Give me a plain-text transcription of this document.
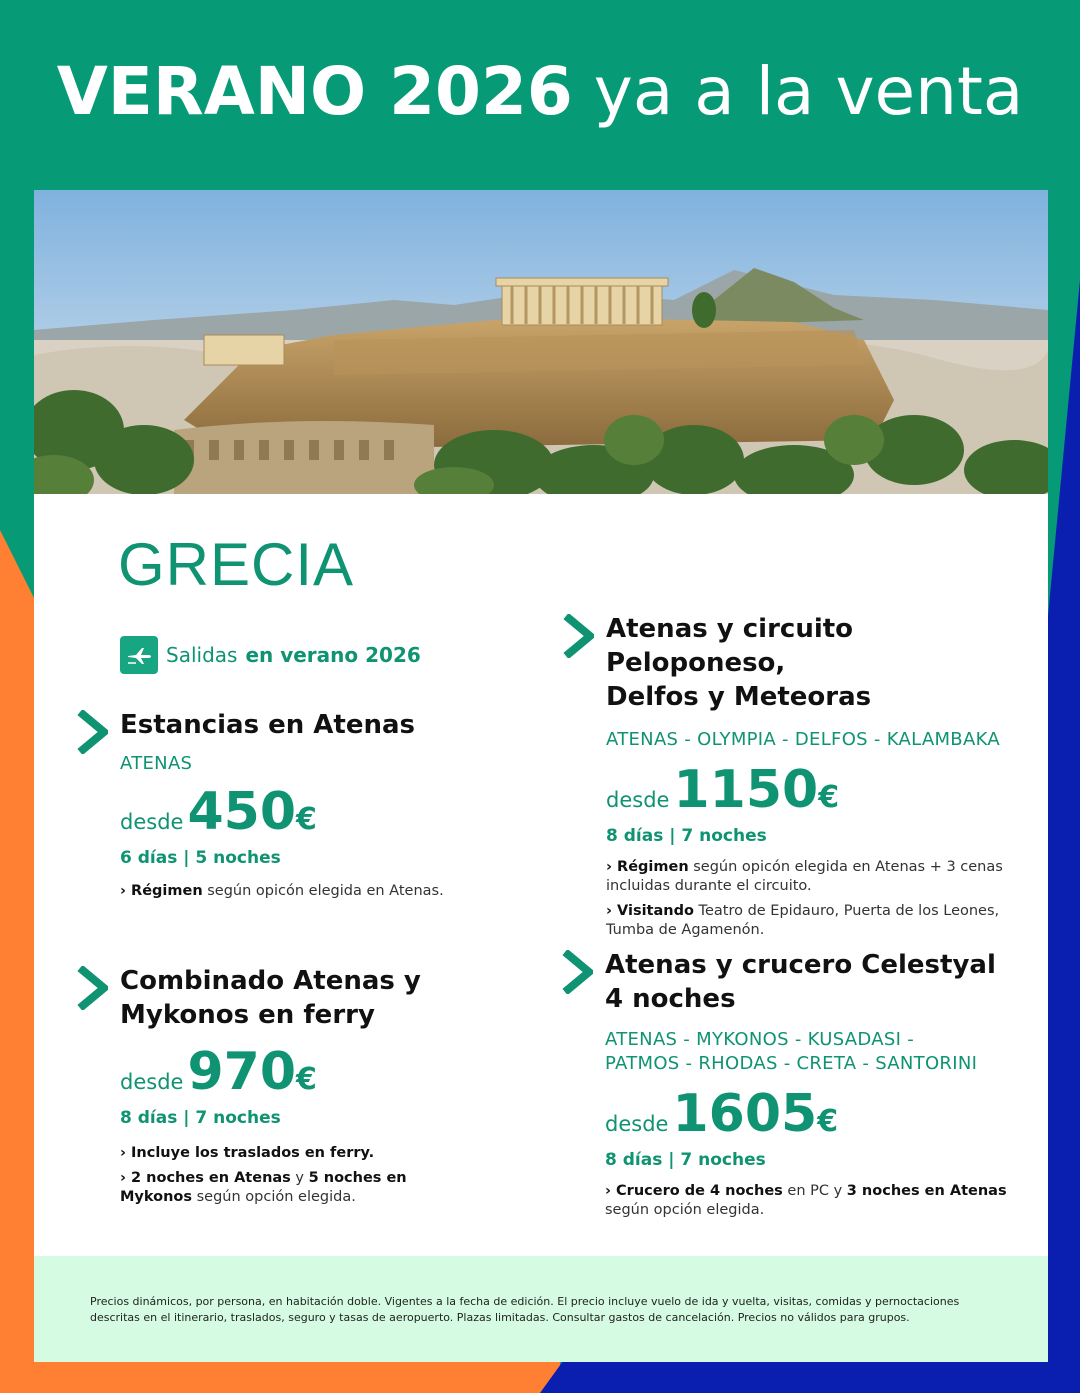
VERANO 2026 ya a la venta
GRECIA
Salidas en verano 2026
Estancias en Atenas
ATENAS
desde 450 €
6 días | 5 noches
› Régimen según opicón elegida en Atenas.
Combinado Atenas y
Mykonos en ferry
desde 970 €
8 días | 7 noches
› Incluye los traslados en ferry.
› 2 noches en Atenas y 5 noches en Mykonos según opción elegida.
Atenas y circuito Peloponeso,
Delfos y Meteoras
ATENAS - OLYMPIA - DELFOS - KALAMBAKA
desde 1150 €
8 días | 7 noches
› Régimen según opicón elegida en Atenas + 3 cenas incluidas durante el circuito.
› Visitando Teatro de Epidauro, Puerta de los Leones, Tumba de Agamenón.
Atenas y crucero Celestyal
4 noches
ATENAS - MYKONOS - KUSADASI -
PATMOS - RHODAS - CRETA - SANTORINI
desde 1605 €
8 días | 7 noches
› Crucero de 4 noches en PC y 3 noches en Atenas según opción elegida.
Precios dinámicos, por persona, en habitación doble. Vigentes a la fecha de edición. El precio incluye vuelo de ida y vuelta, visitas, comidas y pernoctaciones descritas en el itinerario, traslados, seguro y tasas de aeropuerto. Plazas limitadas. Consultar gastos de cancelación. Precios no válidos para grupos.
